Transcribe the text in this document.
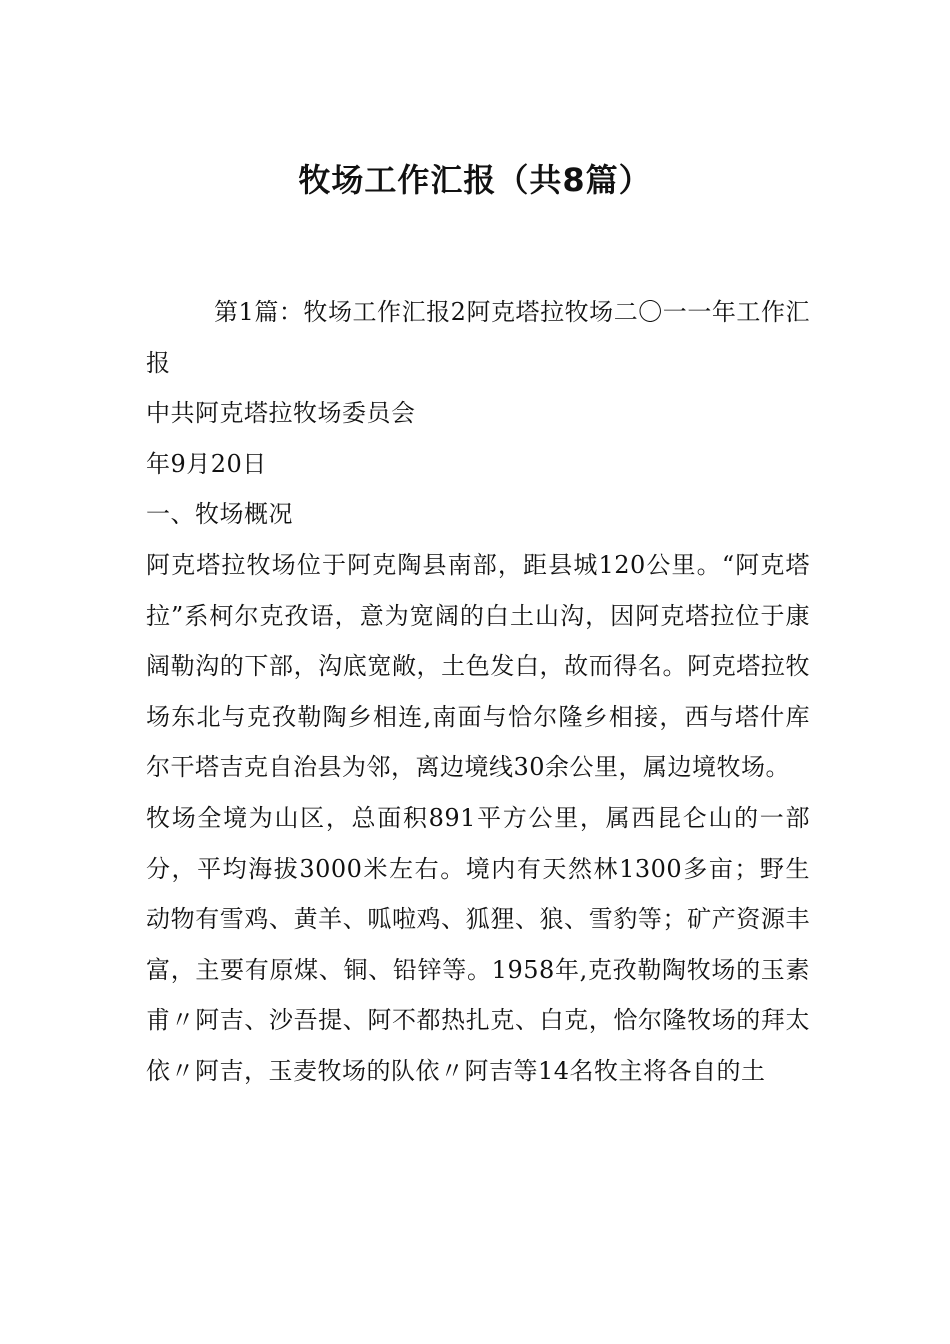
牧场工作汇报（共8篇）

第1篇：牧场工作汇报2阿克塔拉牧场二〇一一年工作汇报

中共阿克塔拉牧场委员会

年9月20日

一、牧场概况

阿克塔拉牧场位于阿克陶县南部，距县城120公里。“阿克塔拉”系柯尔克孜语，意为宽阔的白土山沟，因阿克塔拉位于康阔勒沟的下部，沟底宽敞，土色发白，故而得名。阿克塔拉牧场东北与克孜勒陶乡相连,南面与恰尔隆乡相接，西与塔什库尔干塔吉克自治县为邻，离边境线30余公里，属边境牧场。

牧场全境为山区，总面积891平方公里，属西昆仑山的一部分，平均海拔3000米左右。境内有天然林1300多亩；野生动物有雪鸡、黄羊、呱啦鸡、狐狸、狼、雪豹等；矿产资源丰富，主要有原煤、铜、铅锌等。1958年,克孜勒陶牧场的玉素甫〃阿吉、沙吾提、阿不都热扎克、白克，恰尔隆牧场的拜太依〃阿吉，玉麦牧场的队依〃阿吉等14名牧主将各自的土
